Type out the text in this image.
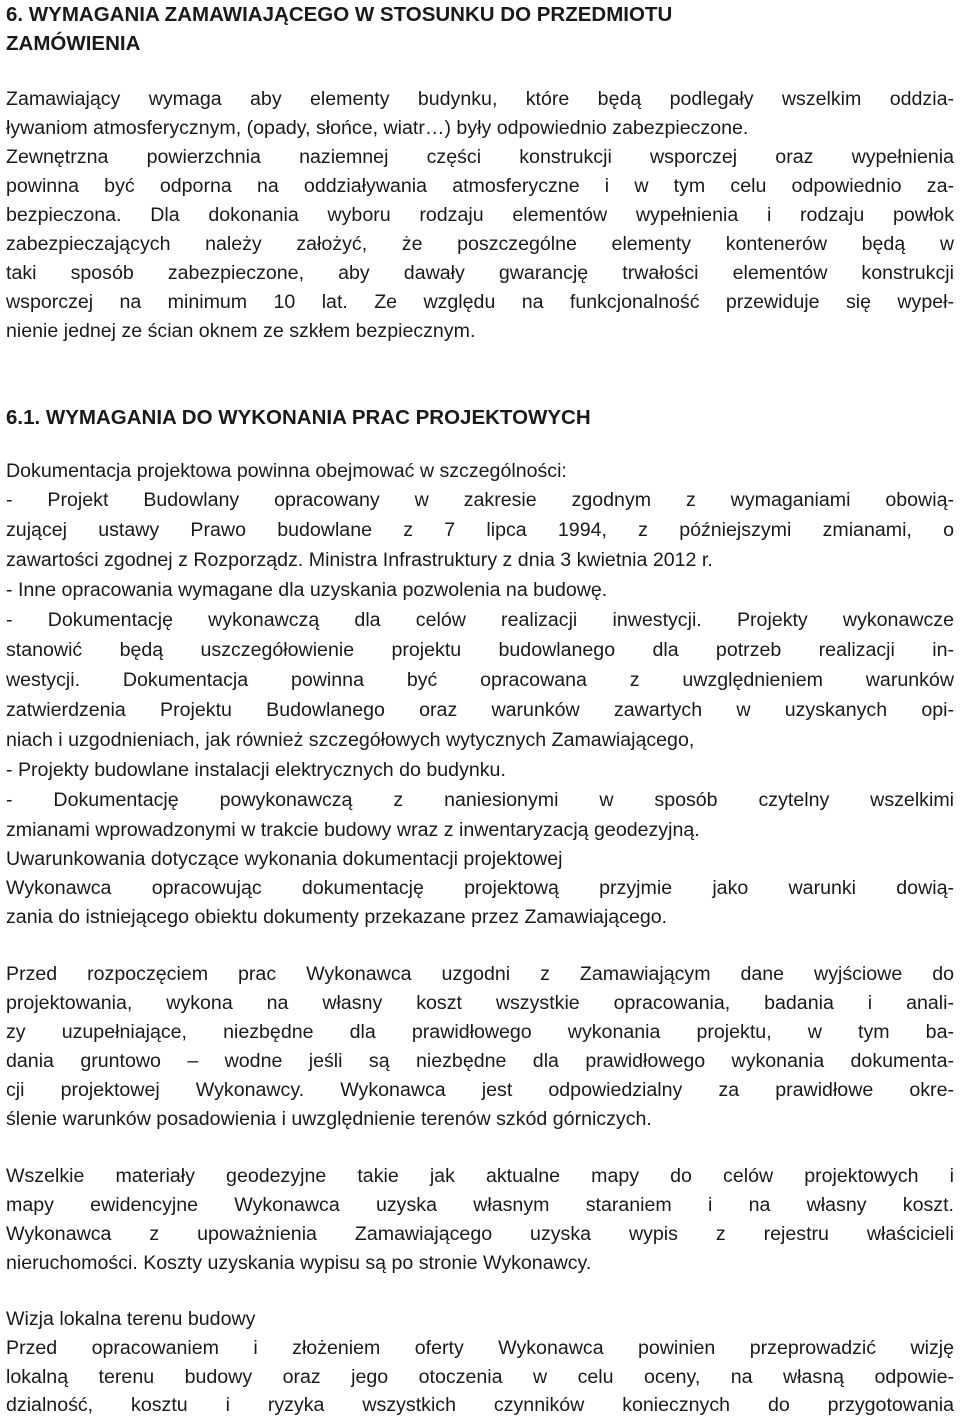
6. WYMAGANIA ZAMAWIAJĄCEGO W STOSUNKU DO PRZEDMIOTU

ZAMÓWIENIA

Zamawiający wymaga aby elementy budynku, które będą podlegały wszelkim oddzia-

ływaniom atmosferycznym, (opady, słońce, wiatr…) były odpowiednio zabezpieczone.

Zewnętrzna powierzchnia naziemnej części konstrukcji wsporczej oraz wypełnienia

powinna być odporna na oddziaływania atmosferyczne i w tym celu odpowiednio za-

bezpieczona. Dla dokonania wyboru rodzaju elementów wypełnienia i rodzaju powłok

zabezpieczających należy założyć, że poszczególne elementy kontenerów będą w

taki sposób zabezpieczone, aby dawały gwarancję trwałości elementów konstrukcji

wsporczej na minimum 10 lat. Ze względu na funkcjonalność przewiduje się wypeł-

nienie jednej ze ścian oknem ze szkłem bezpiecznym.

6.1. WYMAGANIA DO WYKONANIA PRAC PROJEKTOWYCH

Dokumentacja projektowa powinna obejmować w szczególności:

- Projekt Budowlany opracowany w zakresie zgodnym z wymaganiami obowią-

zującej ustawy Prawo budowlane z 7 lipca 1994, z późniejszymi zmianami, o

zawartości zgodnej z Rozporządz. Ministra Infrastruktury z dnia 3 kwietnia 2012 r.

- Inne opracowania wymagane dla uzyskania pozwolenia na budowę.

- Dokumentację wykonawczą dla celów realizacji inwestycji. Projekty wykonawcze

stanowić będą uszczegółowienie projektu budowlanego dla potrzeb realizacji in-

westycji. Dokumentacja powinna być opracowana z uwzględnieniem warunków

zatwierdzenia Projektu Budowlanego oraz warunków zawartych w uzyskanych opi-

niach i uzgodnieniach, jak również szczegółowych wytycznych Zamawiającego,

- Projekty budowlane instalacji elektrycznych do budynku.

- Dokumentację powykonawczą z naniesionymi w sposób czytelny wszelkimi

zmianami wprowadzonymi w trakcie budowy wraz z inwentaryzacją geodezyjną.

Uwarunkowania dotyczące wykonania dokumentacji projektowej

Wykonawca opracowując dokumentację projektową przyjmie jako warunki dowią-

zania do istniejącego obiektu dokumenty przekazane przez Zamawiającego.

Przed rozpoczęciem prac Wykonawca uzgodni z Zamawiającym dane wyjściowe do

projektowania, wykona na własny koszt wszystkie opracowania, badania i anali-

zy uzupełniające, niezbędne dla prawidłowego wykonania projektu, w tym ba-

dania gruntowo – wodne jeśli są niezbędne dla prawidłowego wykonania dokumenta-

cji projektowej Wykonawcy. Wykonawca jest odpowiedzialny za prawidłowe okre-

ślenie warunków posadowienia i uwzględnienie terenów szkód górniczych.

Wszelkie materiały geodezyjne takie jak aktualne mapy do celów projektowych i

mapy ewidencyjne Wykonawca uzyska własnym staraniem i na własny koszt.

Wykonawca z upoważnienia Zamawiającego uzyska wypis z rejestru właścicieli

nieruchomości. Koszty uzyskania wypisu są po stronie Wykonawcy.

Wizja lokalna terenu budowy

Przed opracowaniem i złożeniem oferty Wykonawca powinien przeprowadzić wizję

lokalną terenu budowy oraz jego otoczenia w celu oceny, na własną odpowie-

dzialność, kosztu i ryzyka wszystkich czynników koniecznych do przygotowania
